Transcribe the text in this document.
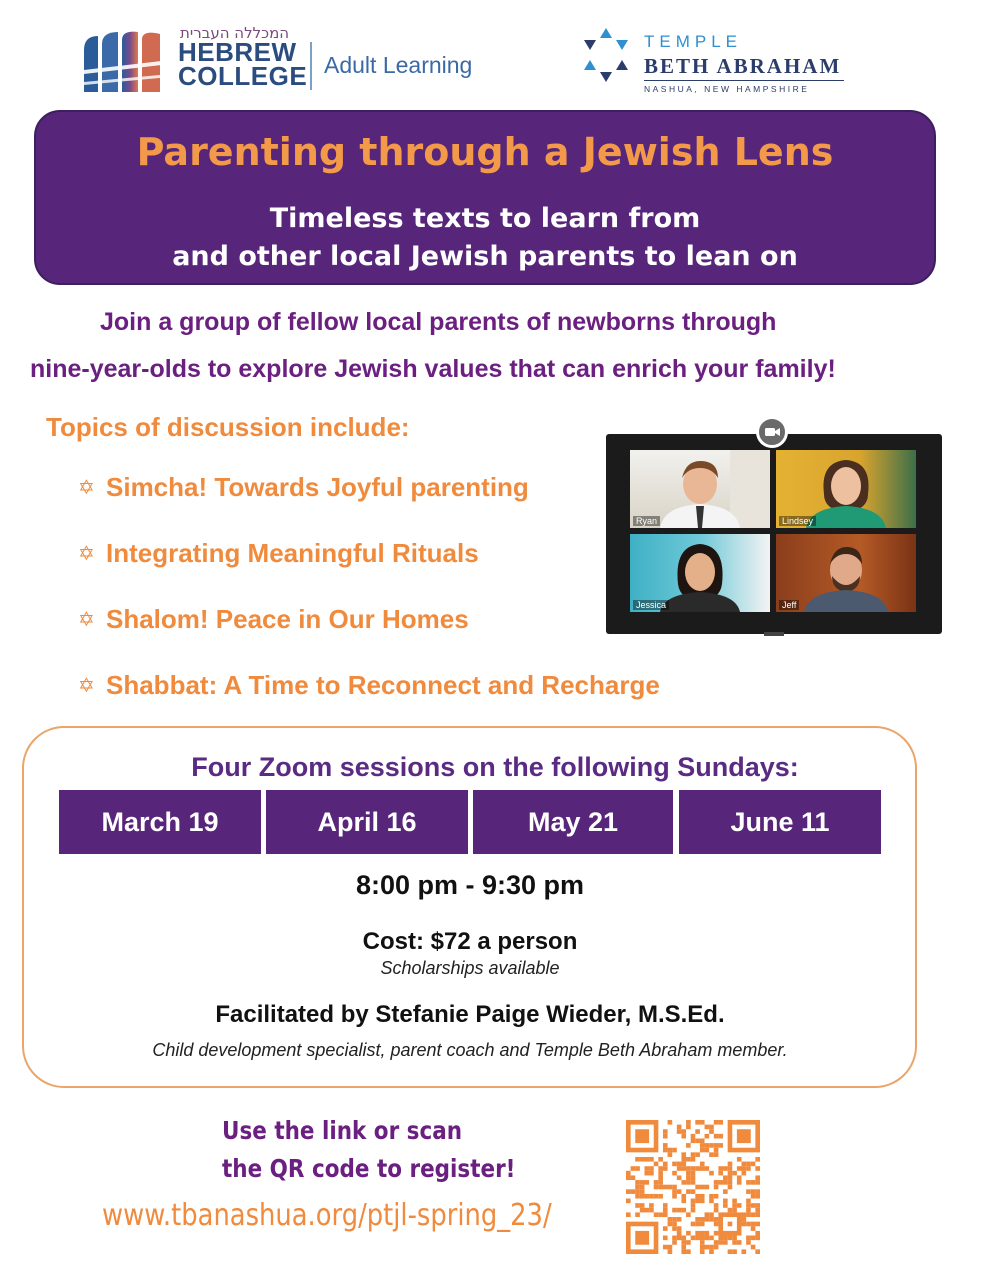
המכללה העברית
HEBREW
COLLEGE Adult Learning
TEMPLE
BETH ABRAHAM
NASHUA, NEW HAMPSHIRE
Parenting through a Jewish Lens
Timeless texts to learn from
and other local Jewish parents to lean on
Join a group of fellow local parents of newborns through
nine-year-olds to explore Jewish values that can enrich your family!
Topics of discussion include:
✡ Simcha! Towards Joyful parenting
✡ Integrating Meaningful Rituals
✡ Shalom! Peace in Our Homes
✡ Shabbat: A Time to Reconnect and Recharge
Ryan	Lindsey
Jessica	Jeff
Four Zoom sessions on the following Sundays:
March 19	April 16	May 21	June 11
8:00 pm - 9:30 pm
Cost: $72 a person
Scholarships available
Facilitated by Stefanie Paige Wieder, M.S.Ed.
Child development specialist, parent coach and Temple Beth Abraham member.
Use the link or scan
the QR code to register!
www.tbanashua.org/ptjl-spring_23/
